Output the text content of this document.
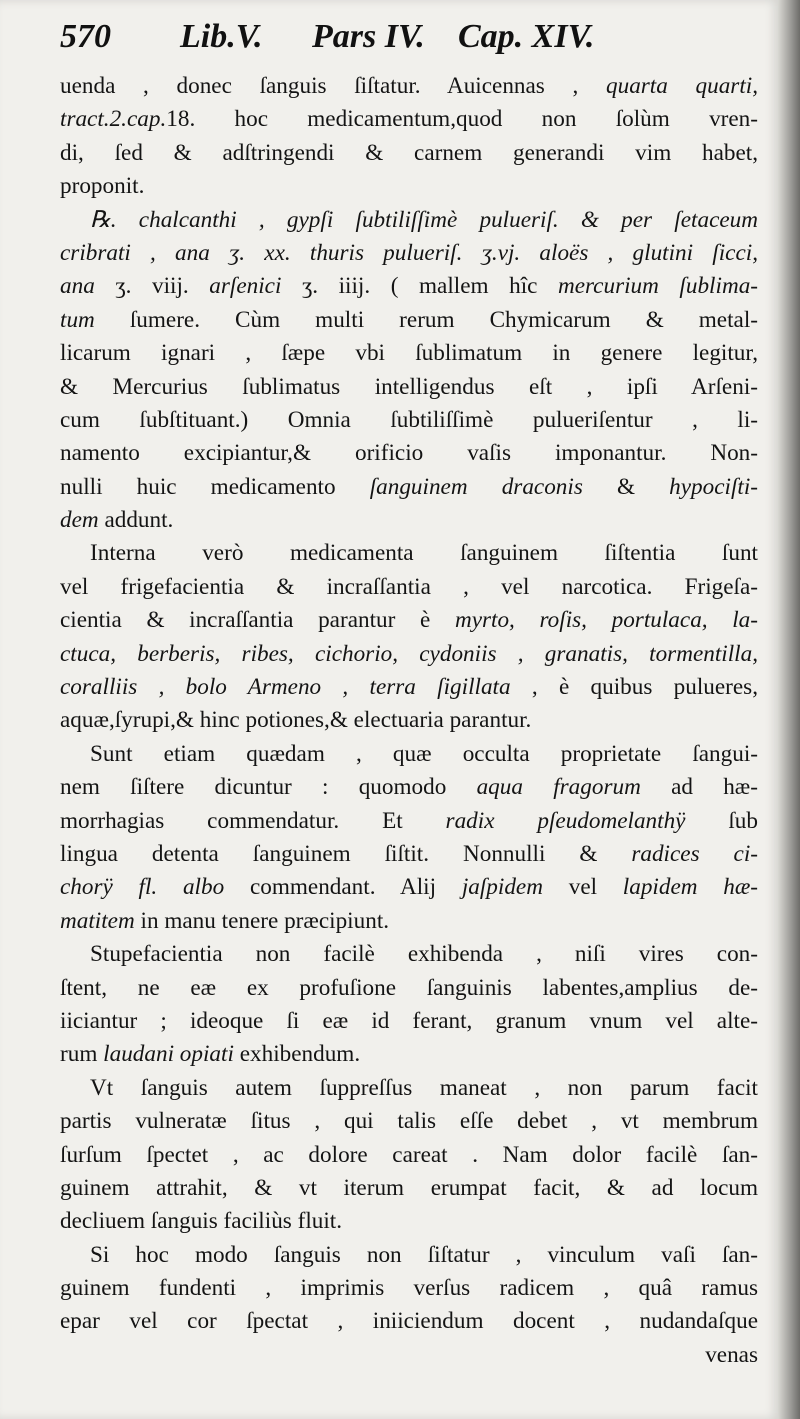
570 Lib.V. Pars IV. Cap. XIV.
uenda , donec ſanguis ſiſtatur. Auicennas , quarta quarti,
tract.2.cap.18. hoc medicamentum,quod non ſolùm vren-
di, ſed & adſtringendi & carnem generandi vim habet,
proponit.
℞. chalcanthi , gypſi ſubtiliſſimè pulueriſ. & per ſetaceum
cribrati , ana ʒ. xx. thuris pulueriſ. ʒ.vj. aloës , glutini ſicci,
ana ʒ. viij. arſenici ʒ. iiij. ( mallem hîc mercurium ſublima-
tum ſumere. Cùm multi rerum Chymicarum & metal-
licarum ignari , ſæpe vbi ſublimatum in genere legitur,
& Mercurius ſublimatus intelligendus eſt , ipſi Arſeni-
cum ſubſtituant.) Omnia ſubtiliſſimè pulueriſentur , li-
namento excipiantur,& orificio vaſis imponantur. Non-
nulli huic medicamento ſanguinem draconis & hypociſti-
dem addunt.
Interna verò medicamenta ſanguinem ſiſtentia ſunt
vel frigefacientia & incraſſantia , vel narcotica. Frigeſa-
cientia & incraſſantia parantur è myrto, roſis, portulaca, la-
ctuca, berberis, ribes, cichorio, cydoniis , granatis, tormentilla,
coralliis , bolo Armeno , terra ſigillata , è quibus pulueres,
aquæ,ſyrupi,& hinc potiones,& electuaria parantur.
Sunt etiam quædam , quæ occulta proprietate ſangui-
nem ſiſtere dicuntur : quomodo aqua fragorum ad hæ-
morrhagias commendatur. Et radix pſeudomelanthÿ ſub
lingua detenta ſanguinem ſiſtit. Nonnulli & radices ci-
chorÿ fl. albo commendant. Alij jaſpidem vel lapidem hæ-
matitem in manu tenere præcipiunt.
Stupefacientia non facilè exhibenda , niſi vires con-
ſtent, ne eæ ex profuſione ſanguinis labentes,amplius de-
iiciantur ; ideoque ſi eæ id ferant, granum vnum vel alte-
rum laudani opiati exhibendum.
Vt ſanguis autem ſuppreſſus maneat , non parum facit
partis vulneratæ ſitus , qui talis eſſe debet , vt membrum
ſurſum ſpectet , ac dolore careat . Nam dolor facilè ſan-
guinem attrahit, & vt iterum erumpat facit, & ad locum
decliuem ſanguis faciliùs fluit.
Si hoc modo ſanguis non ſiſtatur , vinculum vaſi ſan-
guinem fundenti , imprimis verſus radicem , quâ ramus
epar vel cor ſpectat , iniiciendum docent , nudandaſque
venas
